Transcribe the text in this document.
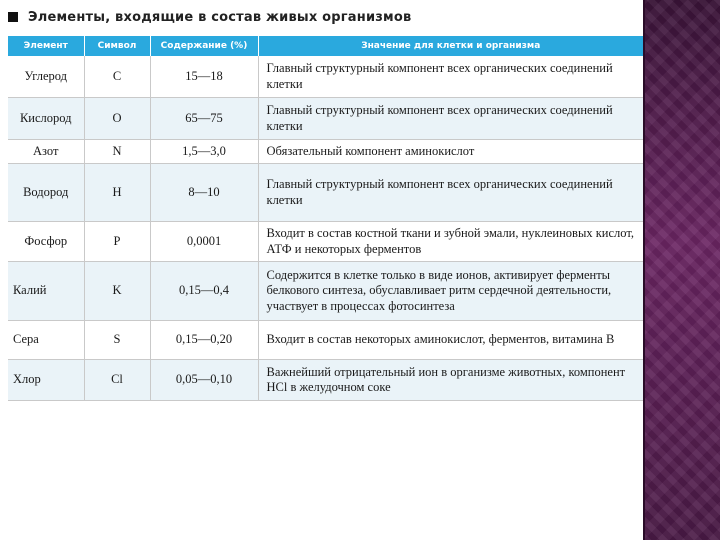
Элементы, входящие в состав живых организмов
Элемент	Символ	Содержание (%)	Значение для клетки и организма
Углерод	C	15—18	Главный структурный компонент всех органических соединений клетки
Кислород	O	65—75	Главный структурный компонент всех органических соединений клетки
Азот	N	1,5—3,0	Обязательный компонент аминокислот
Водород	H	8—10	Главный структурный компонент всех органических соединений клетки
Фосфор	P	0,0001	Входит в состав костной ткани и зубной эмали, нуклеиновых кислот, АТФ и некоторых ферментов
Калий	K	0,15—0,4	Содержится в клетке только в виде ионов, активирует ферменты белкового синтеза, обуславливает ритм сердечной деятельности, участвует в процессах фотосинтеза
Сера	S	0,15—0,20	Входит в состав некоторых аминокислот, ферментов, витамина B
Хлор	Cl	0,05—0,10	Важнейший отрицательный ион в организме животных, компонент HCl в желудочном соке
